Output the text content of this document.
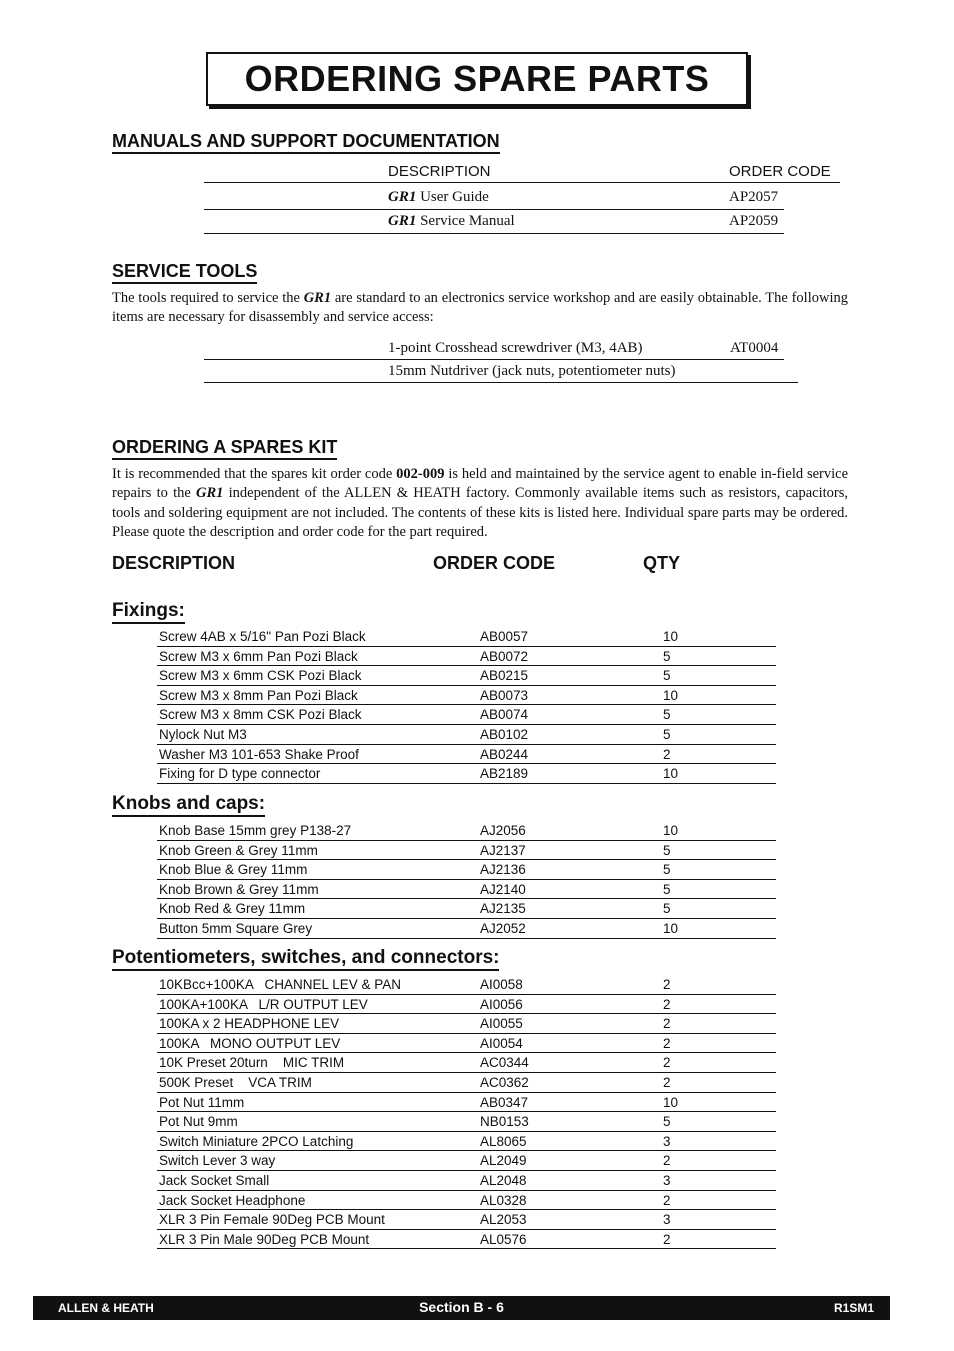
ORDERING SPARE PARTS
MANUALS AND SUPPORT DOCUMENTATION
DESCRIPTION	ORDER CODE
GR1 User Guide	AP2057
GR1 Service Manual	AP2059
SERVICE TOOLS
The tools required to service the GR1 are standard to an electronics service workshop and are easily obtainable. The following items are necessary for disassembly and service access:
1-point Crosshead screwdriver (M3, 4AB)	AT0004
15mm Nutdriver (jack nuts, potentiometer nuts)
ORDERING A SPARES KIT
It is recommended that the spares kit order code 002-009 is held and maintained by the service agent to enable in-field service repairs to the GR1 independent of the ALLEN & HEATH factory. Commonly available items such as resistors, capacitors, tools and soldering equipment are not included. The contents of these kits is listed here. Individual spare parts may be ordered. Please quote the description and order code for the part required.
DESCRIPTION	ORDER CODE	QTY
Fixings:
Screw 4AB x 5/16" Pan Pozi Black	AB0057	10
Screw M3 x 6mm Pan Pozi Black	AB0072	5
Screw M3 x 6mm CSK Pozi Black	AB0215	5
Screw M3 x 8mm Pan Pozi Black	AB0073	10
Screw M3 x 8mm CSK Pozi Black	AB0074	5
Nylock Nut M3	AB0102	5
Washer M3 101-653 Shake Proof	AB0244	2
Fixing for D type connector	AB2189	10
Knobs and caps:
Knob Base 15mm grey P138-27	AJ2056	10
Knob Green & Grey 11mm	AJ2137	5
Knob Blue & Grey 11mm	AJ2136	5
Knob Brown & Grey 11mm	AJ2140	5
Knob Red & Grey 11mm	AJ2135	5
Button 5mm Square Grey	AJ2052	10
Potentiometers, switches, and connectors:
10KBcc+100KA   CHANNEL LEV & PAN	AI0058	2
100KA+100KA   L/R OUTPUT LEV	AI0056	2
100KA x 2 HEADPHONE LEV	AI0055	2
100KA   MONO OUTPUT LEV	AI0054	2
10K Preset 20turn    MIC TRIM	AC0344	2
500K Preset    VCA TRIM	AC0362	2
Pot Nut 11mm	AB0347	10
Pot Nut 9mm	NB0153	5
Switch Miniature 2PCO Latching	AL8065	3
Switch Lever 3 way	AL2049	2
Jack Socket Small	AL2048	3
Jack Socket Headphone	AL0328	2
XLR 3 Pin Female 90Deg PCB Mount	AL2053	3
XLR 3 Pin Male 90Deg PCB Mount	AL0576	2
ALLEN & HEATH	Section B - 6	R1SM1
